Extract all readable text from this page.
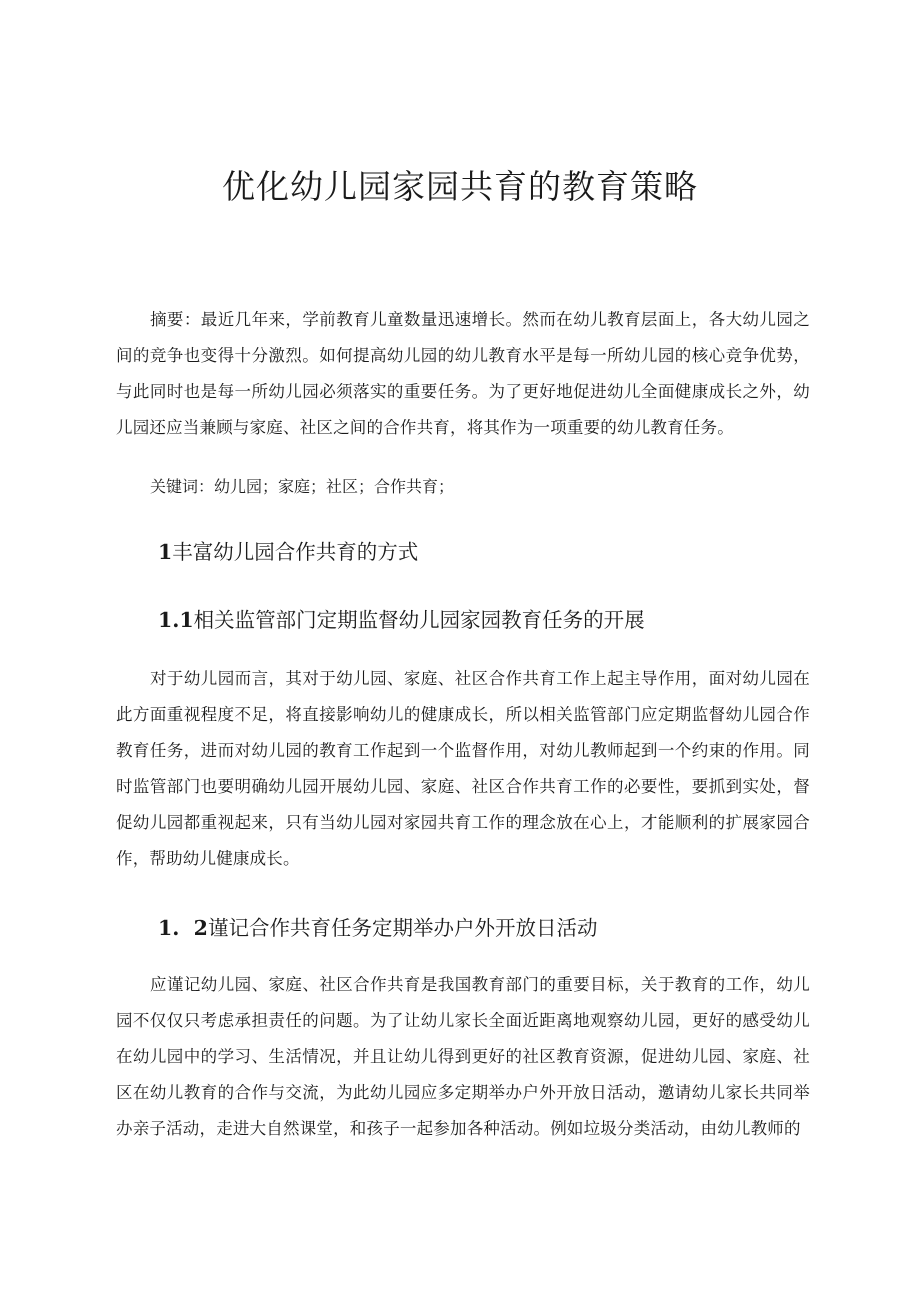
优化幼儿园家园共育的教育策略

摘要：最近几年来，学前教育儿童数量迅速增长。然而在幼儿教育层面上，各大幼儿园之间的竞争也变得十分激烈。如何提高幼儿园的幼儿教育水平是每一所幼儿园的核心竞争优势，与此同时也是每一所幼儿园必须落实的重要任务。为了更好地促进幼儿全面健康成长之外，幼儿园还应当兼顾与家庭、社区之间的合作共育，将其作为一项重要的幼儿教育任务。

关键词：幼儿园；家庭；社区；合作共育；

1丰富幼儿园合作共育的方式
1.1相关监管部门定期监督幼儿园家园教育任务的开展

对于幼儿园而言，其对于幼儿园、家庭、社区合作共育工作上起主导作用，面对幼儿园在此方面重视程度不足，将直接影响幼儿的健康成长，所以相关监管部门应定期监督幼儿园合作教育任务，进而对幼儿园的教育工作起到一个监督作用，对幼儿教师起到一个约束的作用。同时监管部门也要明确幼儿园开展幼儿园、家庭、社区合作共育工作的必要性，要抓到实处，督促幼儿园都重视起来，只有当幼儿园对家园共育工作的理念放在心上，才能顺利的扩展家园合作，帮助幼儿健康成长。

1.  2谨记合作共育任务定期举办户外开放日活动

应谨记幼儿园、家庭、社区合作共育是我国教育部门的重要目标，关于教育的工作，幼儿园不仅仅只考虑承担责任的问题。为了让幼儿家长全面近距离地观察幼儿园，更好的感受幼儿在幼儿园中的学习、生活情况，并且让幼儿得到更好的社区教育资源，促进幼儿园、家庭、社区在幼儿教育的合作与交流，为此幼儿园应多定期举办户外开放日活动，邀请幼儿家长共同举办亲子活动，走进大自然课堂，和孩子一起参加各种活动。例如垃圾分类活动，由幼儿教师的
